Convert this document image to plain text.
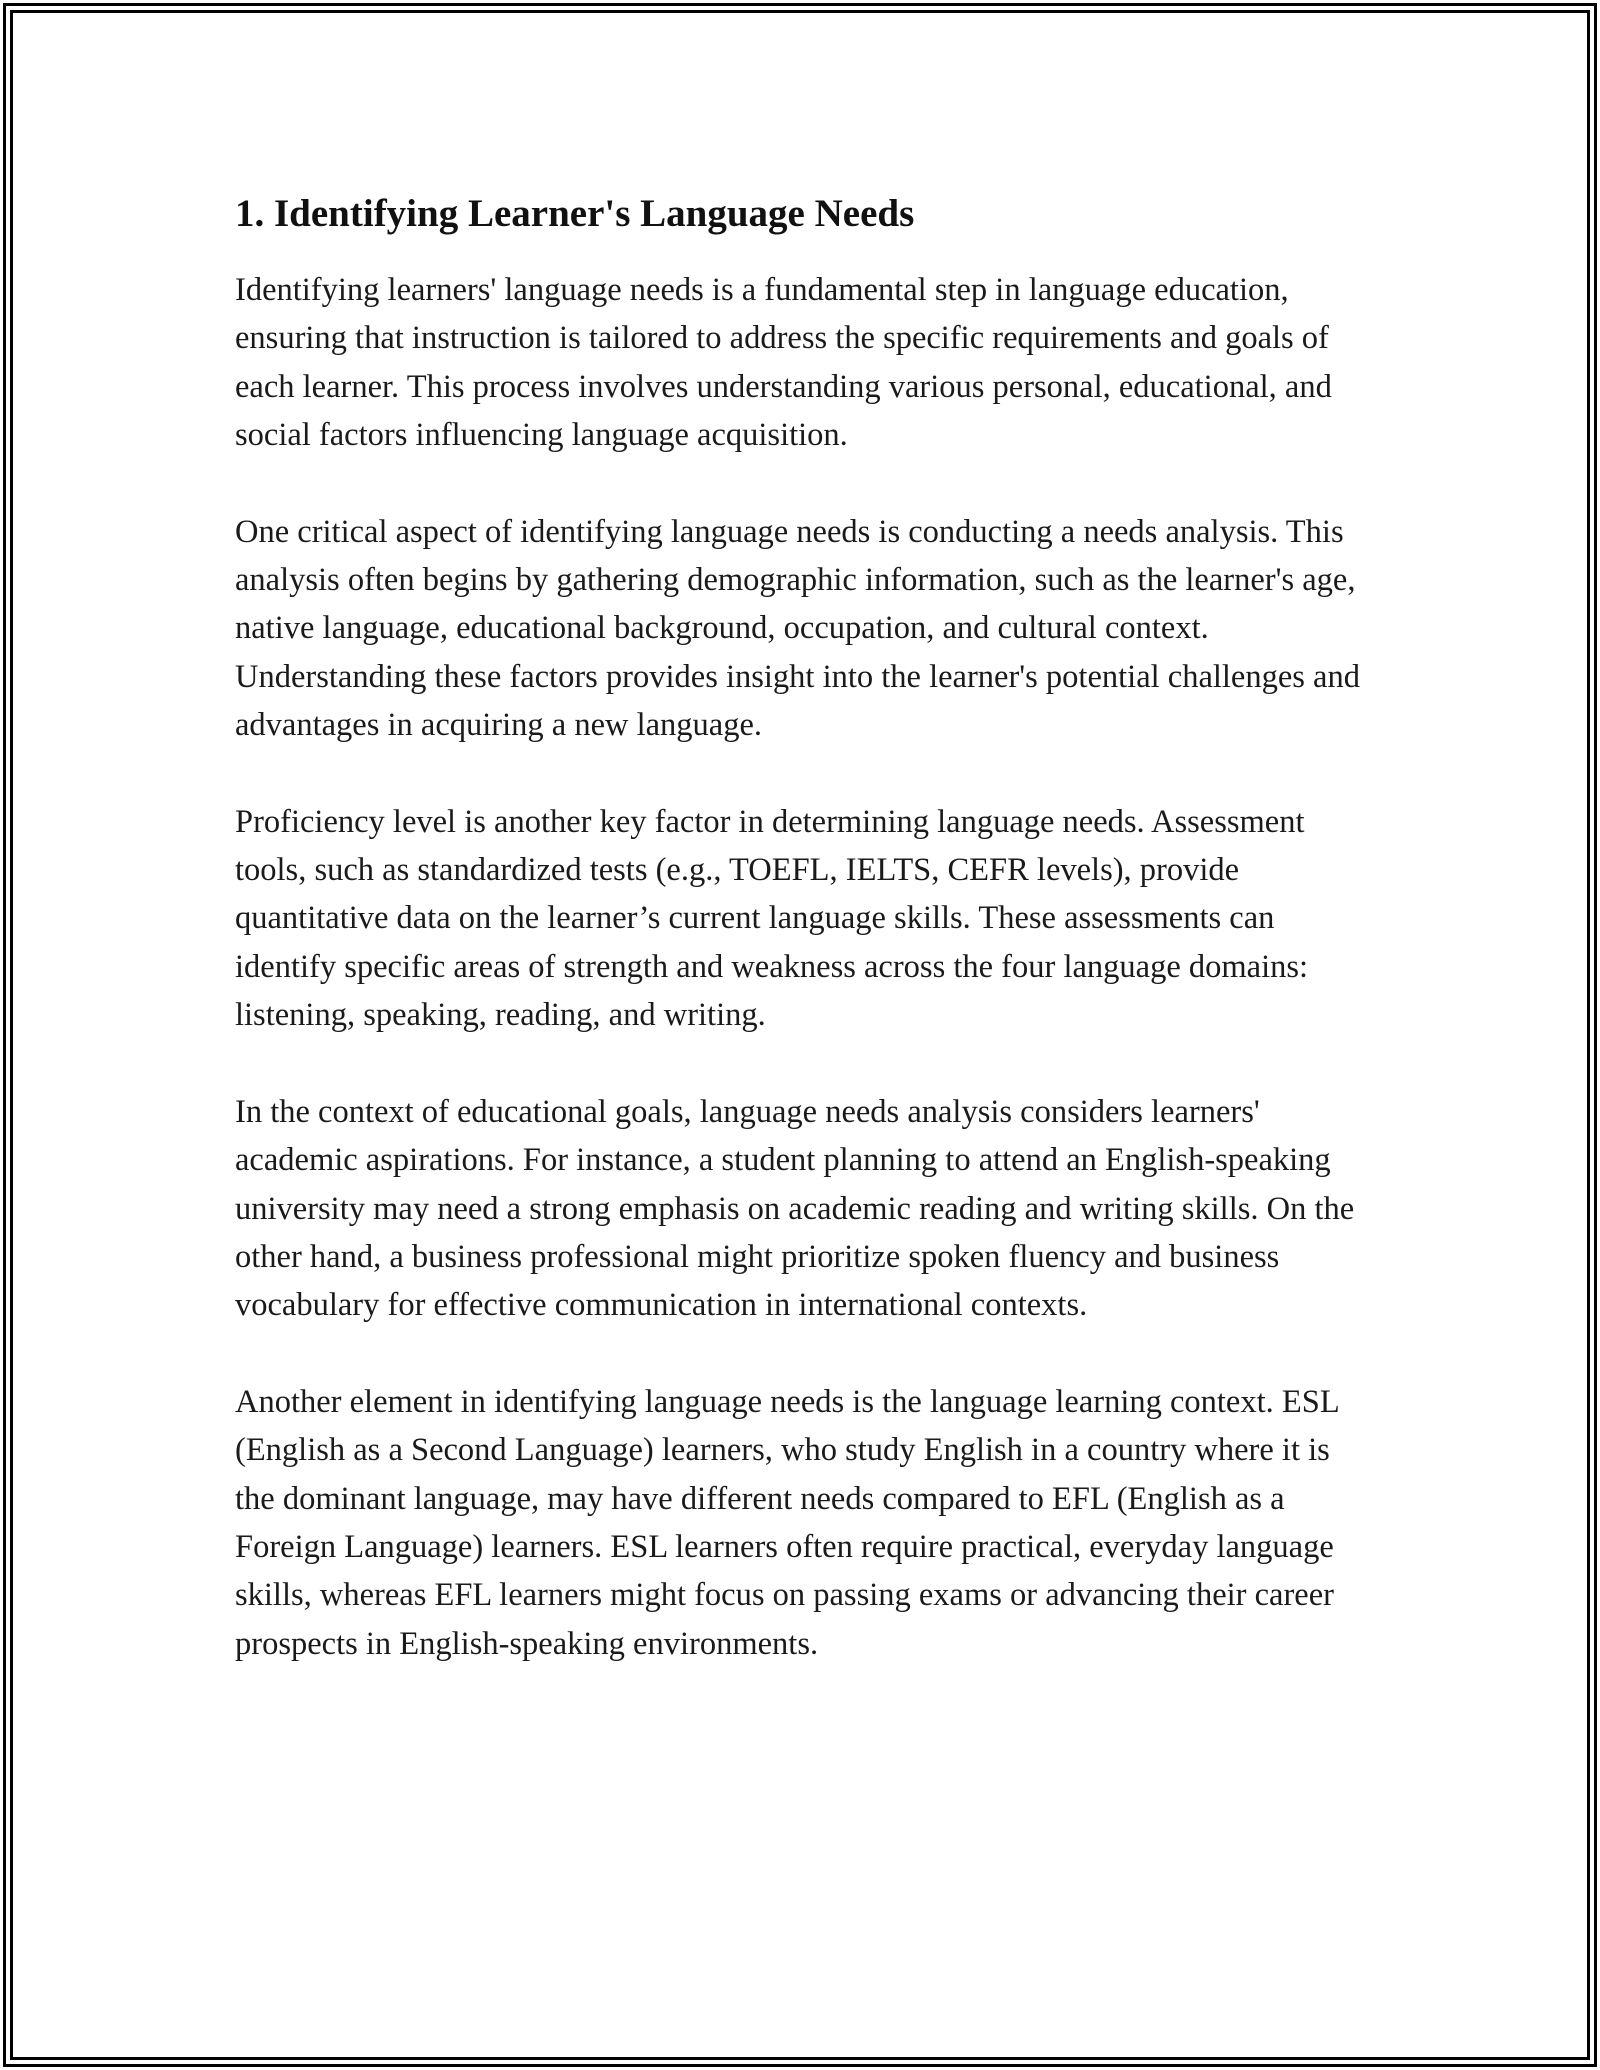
1. Identifying Learner's Language Needs

Identifying learners' language needs is a fundamental step in language education, ensuring that instruction is tailored to address the specific requirements and goals of each learner. This process involves understanding various personal, educational, and social factors influencing language acquisition.

One critical aspect of identifying language needs is conducting a needs analysis. This analysis often begins by gathering demographic information, such as the learner's age, native language, educational background, occupation, and cultural context. Understanding these factors provides insight into the learner's potential challenges and advantages in acquiring a new language.

Proficiency level is another key factor in determining language needs. Assessment tools, such as standardized tests (e.g., TOEFL, IELTS, CEFR levels), provide quantitative data on the learner’s current language skills. These assessments can identify specific areas of strength and weakness across the four language domains: listening, speaking, reading, and writing.

In the context of educational goals, language needs analysis considers learners' academic aspirations. For instance, a student planning to attend an English-speaking university may need a strong emphasis on academic reading and writing skills. On the other hand, a business professional might prioritize spoken fluency and business vocabulary for effective communication in international contexts.

Another element in identifying language needs is the language learning context. ESL (English as a Second Language) learners, who study English in a country where it is the dominant language, may have different needs compared to EFL (English as a Foreign Language) learners. ESL learners often require practical, everyday language skills, whereas EFL learners might focus on passing exams or advancing their career prospects in English-speaking environments.
